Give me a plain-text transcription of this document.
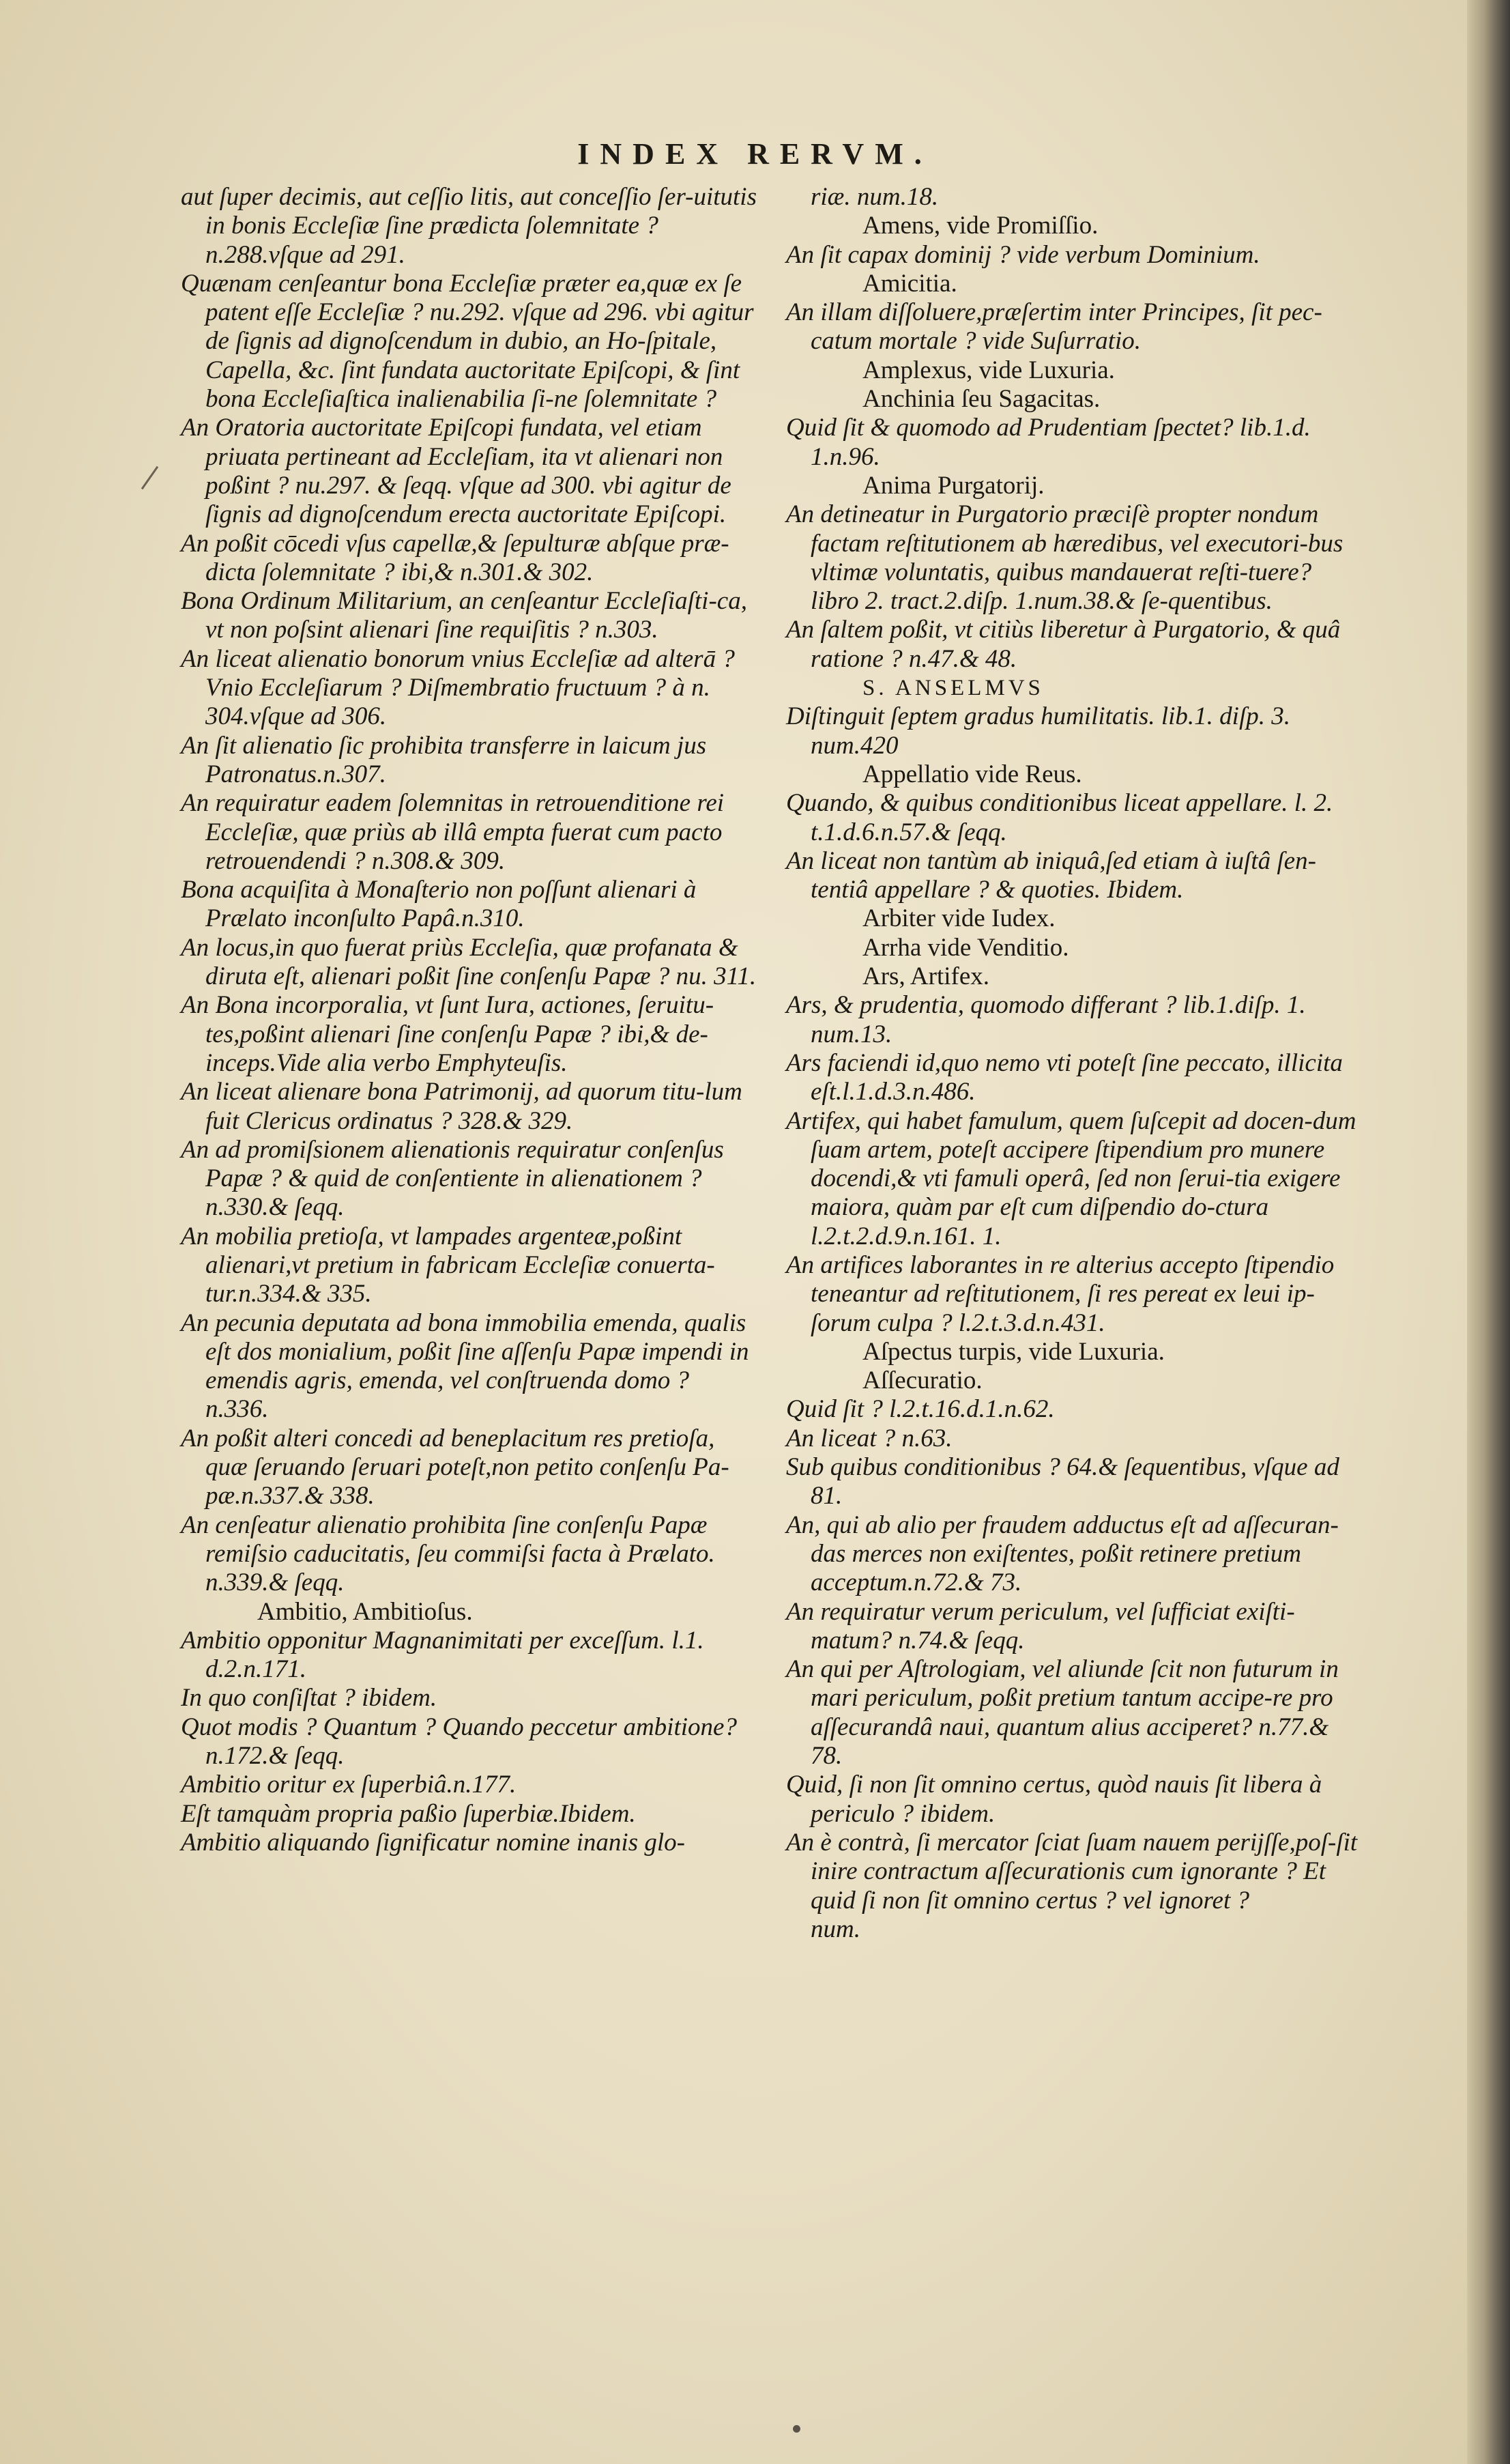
INDEX RERVM.

aut ſuper decimis, aut ceſſio litis, aut conceſſio ſer-uitutis in bonis Eccleſiæ ſine prædicta ſolemnitate ? n.288.vſque ad 291.

Quænam cenſeantur bona Eccleſiæ præter ea,quæ ex ſe patent eſſe Eccleſiæ ? nu.292. vſque ad 296. vbi agitur de ſignis ad dignoſcendum in dubio, an Ho-ſpitale, Capella, &c. ſint fundata auctoritate Epiſcopi, & ſint bona Eccleſiaſtica inalienabilia ſi-ne ſolemnitate ?

An Oratoria auctoritate Epiſcopi fundata, vel etiam priuata pertineant ad Eccleſiam, ita vt alienari non poßint ? nu.297. & ſeqq. vſque ad 300. vbi agitur de ſignis ad dignoſcendum erecta auctoritate Epiſcopi.

An poßit cōcedi vſus capellæ,& ſepulturæ abſque præ-dicta ſolemnitate ? ibi,& n.301.& 302.

Bona Ordinum Militarium, an cenſeantur Eccleſiaſti-ca, vt non poſsint alienari ſine requiſitis ? n.303.

An liceat alienatio bonorum vnius Eccleſiæ ad alterā ? Vnio Eccleſiarum ? Diſmembratio fructuum ? à n. 304.vſque ad 306.

An ſit alienatio ſic prohibita transferre in laicum jus Patronatus.n.307.

An requiratur eadem ſolemnitas in retrouenditione rei Eccleſiæ, quæ priùs ab illâ empta fuerat cum pacto retrouendendi ? n.308.& 309.

Bona acquiſita à Monaſterio non poſſunt alienari à Prælato inconſulto Papâ.n.310.

An locus,in quo fuerat priùs Eccleſia, quæ profanata & diruta eſt, alienari poßit ſine conſenſu Papæ ? nu. 311.

An Bona incorporalia, vt ſunt Iura, actiones, ſeruitu-tes,poßint alienari ſine conſenſu Papæ ? ibi,& de-inceps.Vide alia verbo Emphyteuſis.

An liceat alienare bona Patrimonij, ad quorum titu-lum fuit Clericus ordinatus ? 328.& 329.

An ad promiſsionem alienationis requiratur conſenſus Papæ ? & quid de conſentiente in alienationem ? n.330.& ſeqq.

An mobilia pretioſa, vt lampades argenteæ,poßint alienari,vt pretium in fabricam Eccleſiæ conuerta-tur.n.334.& 335.

An pecunia deputata ad bona immobilia emenda, qualis eſt dos monialium, poßit ſine aſſenſu Papæ impendi in emendis agris, emenda, vel conſtruenda domo ? n.336.

An poßit alteri concedi ad beneplacitum res pretioſa, quæ ſeruando ſeruari poteſt,non petito conſenſu Pa-pæ.n.337.& 338.

An cenſeatur alienatio prohibita ſine conſenſu Papæ remiſsio caducitatis, ſeu commiſsi facta à Prælato. n.339.& ſeqq.

Ambitio, Ambitioſus.

Ambitio opponitur Magnanimitati per exceſſum. l.1. d.2.n.171.

In quo conſiſtat ? ibidem.

Quot modis ? Quantum ? Quando peccetur ambitione? n.172.& ſeqq.

Ambitio oritur ex ſuperbiâ.n.177.

Eſt tamquàm propria paßio ſuperbiæ.Ibidem.

Ambitio aliquando ſignificatur nomine inanis glo-

riæ. num.18.

Amens, vide Promiſſio.

An ſit capax dominij ? vide verbum Dominium.

Amicitia.

An illam diſſoluere,præſertim inter Principes, ſit pec-catum mortale ? vide Suſurratio.

Amplexus, vide Luxuria.

Anchinia ſeu Sagacitas.

Quid ſit & quomodo ad Prudentiam ſpectet? lib.1.d. 1.n.96.

Anima Purgatorij.

An detineatur in Purgatorio præciſè propter nondum factam reſtitutionem ab hæredibus, vel executori-bus vltimæ voluntatis, quibus mandauerat reſti-tuere? libro 2. tract.2.diſp. 1.num.38.& ſe-quentibus.

An ſaltem poßit, vt citiùs liberetur à Purgatorio, & quâ ratione ? n.47.& 48.

S. ANSELMVS

Diſtinguit ſeptem gradus humilitatis. lib.1. diſp. 3. num.420

Appellatio vide Reus.

Quando, & quibus conditionibus liceat appellare. l. 2. t.1.d.6.n.57.& ſeqq.

An liceat non tantùm ab iniquâ,ſed etiam à iuſtâ ſen-tentiâ appellare ? & quoties. Ibidem.

Arbiter vide Iudex.

Arrha vide Venditio.

Ars, Artifex.

Ars, & prudentia, quomodo differant ? lib.1.diſp. 1. num.13.

Ars faciendi id,quo nemo vti poteſt ſine peccato, illicita eſt.l.1.d.3.n.486.

Artifex, qui habet famulum, quem ſuſcepit ad docen-dum ſuam artem, poteſt accipere ſtipendium pro munere docendi,& vti famuli operâ, ſed non ſerui-tia exigere maiora, quàm par eſt cum diſpendio do-ctura l.2.t.2.d.9.n.161. 1.

An artifices laborantes in re alterius accepto ſtipendio teneantur ad reſtitutionem, ſi res pereat ex leui ip-ſorum culpa ? l.2.t.3.d.n.431.

Aſpectus turpis, vide Luxuria.

Aſſecuratio.

Quid ſit ? l.2.t.16.d.1.n.62.

An liceat ? n.63.

Sub quibus conditionibus ? 64.& ſequentibus, vſque ad 81.

An, qui ab alio per fraudem adductus eſt ad aſſecuran-das merces non exiſtentes, poßit retinere pretium acceptum.n.72.& 73.

An requiratur verum periculum, vel ſufficiat exiſti-matum? n.74.& ſeqq.

An qui per Aſtrologiam, vel aliunde ſcit non futurum in mari periculum, poßit pretium tantum accipe-re pro aſſecurandâ naui, quantum alius acciperet? n.77.& 78.

Quid, ſi non ſit omnino certus, quòd nauis ſit libera à periculo ? ibidem.

An è contrà, ſi mercator ſciat ſuam nauem perijſſe,poſ-ſit inire contractum aſſecurationis cum ignorante ? Et quid ſi non ſit omnino certus ? vel ignoret ?

num.
